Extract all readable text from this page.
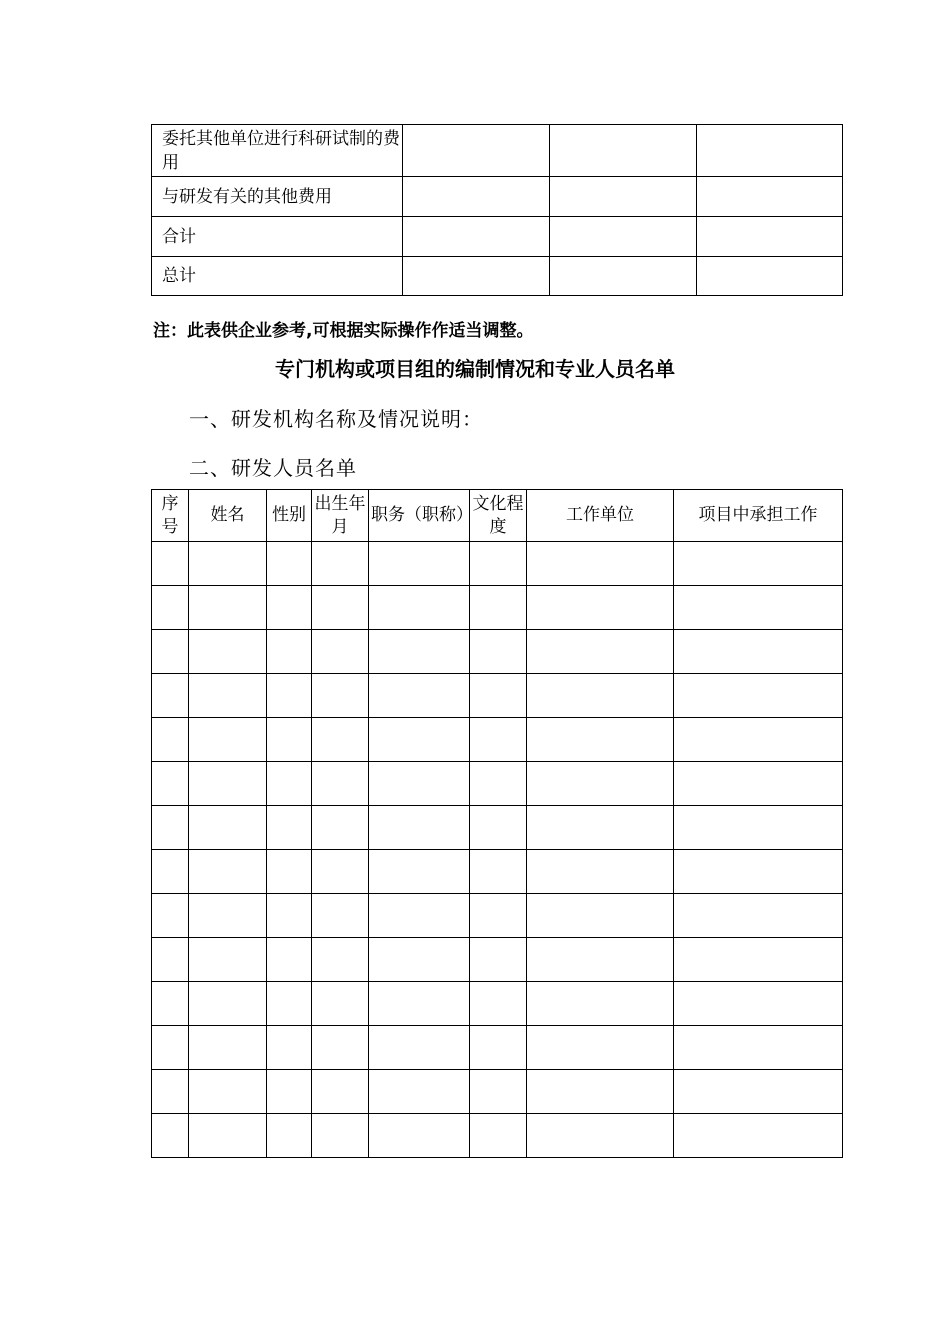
委托其他单位进行科研试制的费用			
与研发有关的其他费用			
合计			
总计			
注：此表供企业参考,可根据实际操作作适当调整。
专门机构或项目组的编制情况和专业人员名单
一、研发机构名称及情况说明：
二、研发人员名单
序号	姓名	性别	出生年月	职务（职称）	文化程度	工作单位	项目中承担工作
